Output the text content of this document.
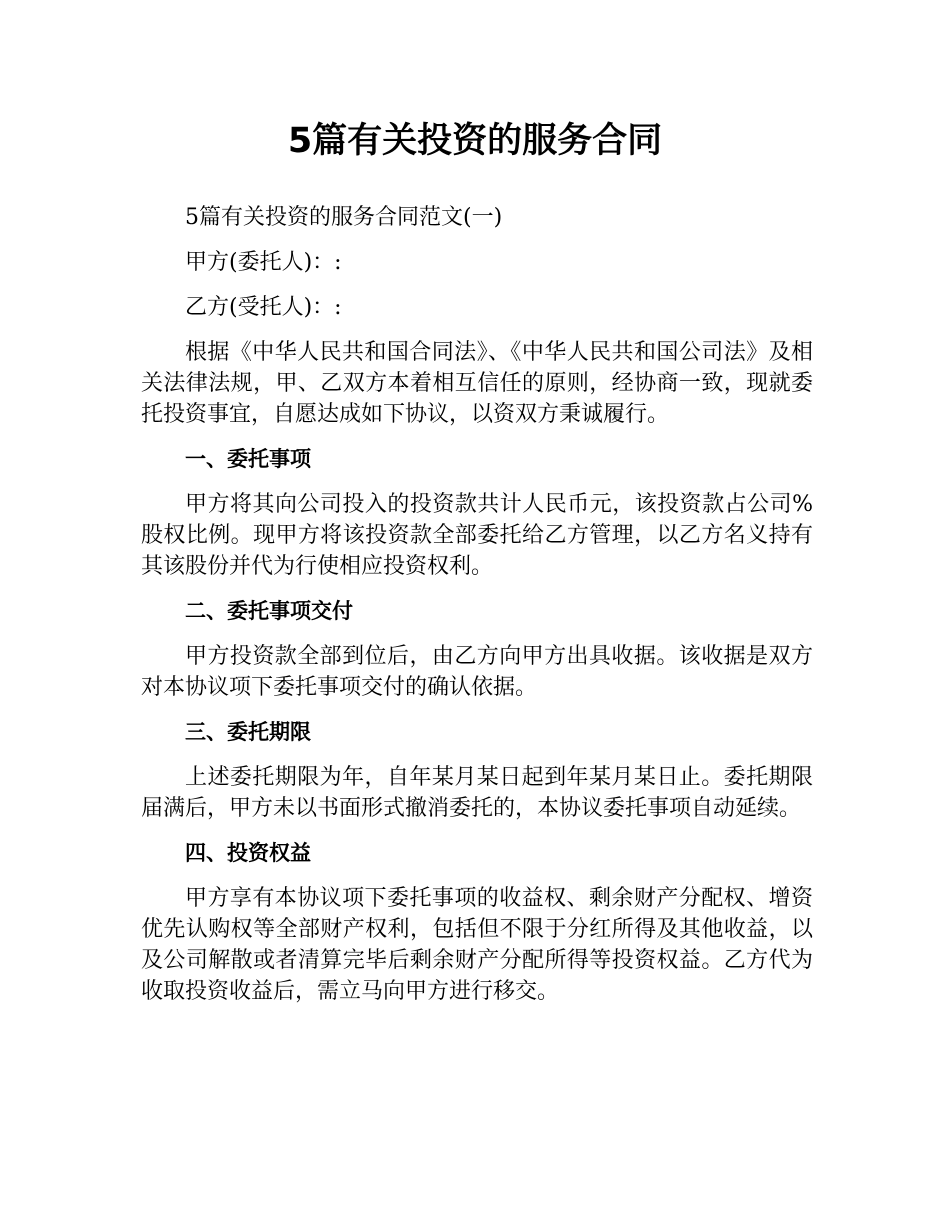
5篇有关投资的服务合同

5篇有关投资的服务合同范文(一)

甲方(委托人)：:

乙方(受托人)：:

根据《中华人民共和国合同法》、《中华人民共和国公司法》及相关法律法规，甲、乙双方本着相互信任的原则，经协商一致，现就委托投资事宜，自愿达成如下协议，以资双方秉诚履行。

一、委托事项

甲方将其向公司投入的投资款共计人民币元，该投资款占公司%股权比例。现甲方将该投资款全部委托给乙方管理，以乙方名义持有其该股份并代为行使相应投资权利。

二、委托事项交付

甲方投资款全部到位后，由乙方向甲方出具收据。该收据是双方对本协议项下委托事项交付的确认依据。

三、委托期限

上述委托期限为年，自年某月某日起到年某月某日止。委托期限届满后，甲方未以书面形式撤消委托的，本协议委托事项自动延续。

四、投资权益

甲方享有本协议项下委托事项的收益权、剩余财产分配权、增资优先认购权等全部财产权利，包括但不限于分红所得及其他收益，以及公司解散或者清算完毕后剩余财产分配所得等投资权益。乙方代为收取投资收益后，需立马向甲方进行移交。
